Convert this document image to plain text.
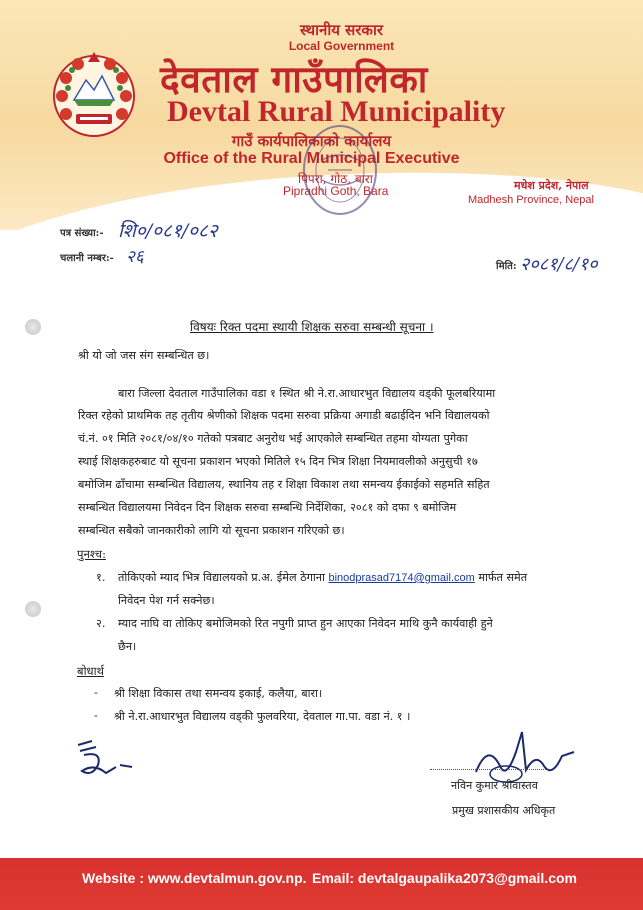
स्थानीय सरकार
Local Government
देवताल गाउँपालिका
Devtal Rural Municipality
गाउँ कार्यपालिकाको कार्यालय
Office of the Rural Municipal Executive
पिपरा, गोठ, बारा
Pipradhi Goth, Bara	मधेश प्रदेश, नेपाल
Madhesh Province, Nepal
पत्र संख्या:- शि०/०८१/०८२
चलानी नम्बर:- २६	मिति: २०८१/८/१०
विषयः रिक्त पदमा स्थायी शिक्षक सरुवा सम्बन्धी सूचना ।
श्री यो जो जस संग सम्बन्धित छ।
बारा जिल्ला देवताल गाउँपालिका वडा १ स्थित श्री ने.रा.आधारभुत विद्यालय वड्की फूलबरियामा
रिक्त रहेको प्राथमिक तह तृतीय श्रेणीको शिक्षक पदमा सरुवा प्रक्रिया अगाडी बढाईदिन भनि विद्यालयको
चं.नं. ०१ मिति २०८१/०४/१० गतेको पत्रबाट अनुरोध भई आएकोले सम्बन्धित तहमा योग्यता पुगेका
स्थाई शिक्षकहरुबाट यो सूचना प्रकाशन भएको मितिले १५ दिन भित्र शिक्षा नियमावलीको अनुसुची १७
बमोजिम ढाँचामा सम्बन्धित विद्यालय, स्थानिय तह र शिक्षा विकाश तथा समन्वय ईकाईको सहमति सहित
सम्बन्धित विद्यालयमा निवेदन दिन शिक्षक सरुवा सम्बन्धि निर्देशिका, २०८१ को दफा ९ बमोजिम
सम्बन्धित सबैको जानकारीको लागि यो सूचना प्रकाशन गरिएको छ।
पुनश्च:
१. तोकिएको म्याद भित्र विद्यालयको प्र.अ. ईमेल ठेगाना binodprasad7174@gmail.com मार्फत समेत
निवेदन पेश गर्न सक्नेछ।
२. म्याद नाघि वा तोकिए बमोजिमको रित नपुगी प्राप्त हुन आएका निवेदन माथि कुनै कार्यवाही हुने
छैन।
बोधार्थ
- श्री शिक्षा विकास तथा समन्वय इकाई, कलैया, बारा।
- श्री ने.रा.आधारभुत विद्यालय वड्की फुलवरिया, देवताल गा.पा. वडा नं. १ ।
नविन कुमार श्रीवास्तव
प्रमुख प्रशासकीय अधिकृत
Website : www.devtalmun.gov.np. Email: devtalgaupalika2073@gmail.com
